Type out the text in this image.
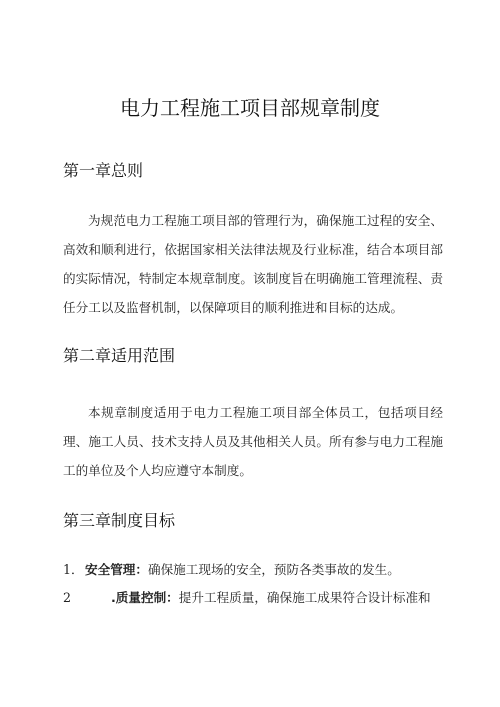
电力工程施工项目部规章制度
第一章总则

为规范电力工程施工项目部的管理行为，确保施工过程的安全、高效和顺利进行，依据国家相关法律法规及行业标准，结合本项目部的实际情况，特制定本规章制度。该制度旨在明确施工管理流程、责任分工以及监督机制，以保障项目的顺利推进和目标的达成。

第二章适用范围

本规章制度适用于电力工程施工项目部全体员工，包括项目经理、施工人员、技术支持人员及其他相关人员。所有参与电力工程施工的单位及个人均应遵守本制度。

第三章制度目标
1．安全管理：确保施工现场的安全，预防各类事故的发生。
2	.质量控制：提升工程质量，确保施工成果符合设计标准和
